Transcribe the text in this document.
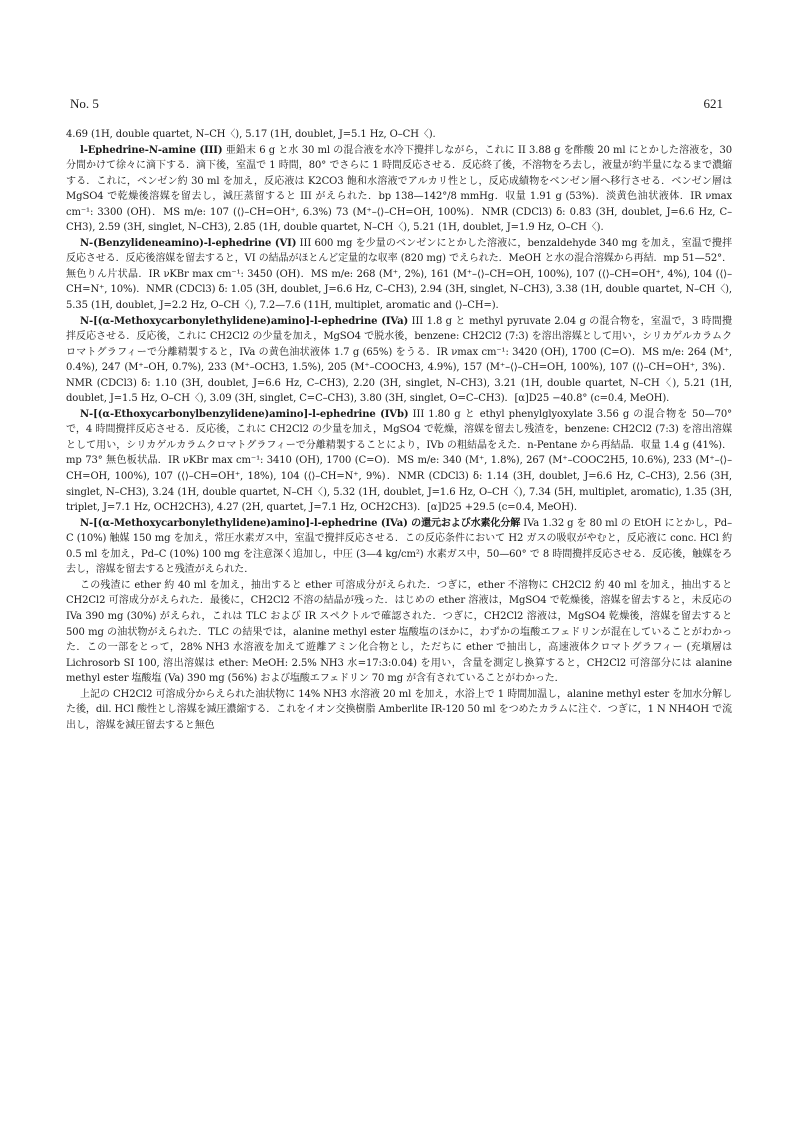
No. 5	621

4.69 (1H, double quartet, N–CH〈), 5.17 (1H, doublet, J=5.1 Hz, O–CH〈).

l-Ephedrine-N-amine (III) 亜鉛末 6 g と水 30 ml の混合液を水冷下攪拌しながら，これに II 3.88 g を酢酸 20 ml にとかした溶液を，30 分間かけて徐々に滴下する．滴下後，室温で 1 時間，80° でさらに 1 時間反応させる．反応終了後，不溶物をろ去し，液量が約半量になるまで濃縮する．これに，ベンゼン約 30 ml を加え，反応液は K2CO3 飽和水溶液でアルカリ性とし，反応成績物をベンゼン層へ移行させる．ベンゼン層は MgSO4 で乾燥後溶媒を留去し，減圧蒸留すると III がえられた．bp 138—142°/8 mmHg．収量 1.91 g (53%)．淡黄色油状液体．IR νmax cm⁻¹: 3300 (OH)．MS m/e: 107 (⟨⟩–CH=OH⁺, 6.3%) 73 (M⁺–⟨⟩–CH=OH, 100%)．NMR (CDCl3) δ: 0.83 (3H, doublet, J=6.6 Hz, C–CH3), 2.59 (3H, singlet, N–CH3), 2.85 (1H, double quartet, N–CH〈), 5.21 (1H, doublet, J=1.9 Hz, O–CH〈).

N-(Benzylideneamino)-l-ephedrine (VI) III 600 mg を少量のベンゼンにとかした溶液に，benzaldehyde 340 mg を加え，室温で攪拌反応させる．反応後溶媒を留去すると，VI の結晶がほとんど定量的な収率 (820 mg) でえられた．MeOH と水の混合溶媒から再結．mp 51—52°．無色りん片状晶．IR νKBr max cm⁻¹: 3450 (OH)．MS m/e: 268 (M⁺, 2%), 161 (M⁺–⟨⟩–CH=OH, 100%), 107 (⟨⟩–CH=OH⁺, 4%), 104 (⟨⟩–CH=N⁺, 10%)．NMR (CDCl3) δ: 1.05 (3H, doublet, J=6.6 Hz, C–CH3), 2.94 (3H, singlet, N–CH3), 3.38 (1H, double quartet, N–CH〈), 5.35 (1H, doublet, J=2.2 Hz, O–CH〈), 7.2—7.6 (11H, multiplet, aromatic and ⟨⟩–CH=).

N-[(α-Methoxycarbonylethylidene)amino]-l-ephedrine (IVa) III 1.8 g と methyl pyruvate 2.04 g の混合物を，室温で，3 時間攪拌反応させる．反応後，これに CH2Cl2 の少量を加え，MgSO4 で脱水後，benzene: CH2Cl2 (7:3) を溶出溶媒として用い，シリカゲルカラムクロマトグラフィーで分離精製すると，IVa の黄色油状液体 1.7 g (65%) をうる．IR νmax cm⁻¹: 3420 (OH), 1700 (C=O)．MS m/e: 264 (M⁺, 0.4%), 247 (M⁺–OH, 0.7%), 233 (M⁺–OCH3, 1.5%), 205 (M⁺–COOCH3, 4.9%), 157 (M⁺–⟨⟩–CH=OH, 100%), 107 (⟨⟩–CH=OH⁺, 3%)．NMR (CDCl3) δ: 1.10 (3H, doublet, J=6.6 Hz, C–CH3), 2.20 (3H, singlet, N–CH3), 3.21 (1H, double quartet, N–CH〈), 5.21 (1H, doublet, J=1.5 Hz, O–CH〈), 3.09 (3H, singlet, C=C–CH3), 3.80 (3H, singlet, O=C–CH3)．[α]D25 −40.8° (c=0.4, MeOH).

N-[(α-Ethoxycarbonylbenzylidene)amino]-l-ephedrine (IVb) III 1.80 g と ethyl phenylglyoxylate 3.56 g の混合物を 50—70° で，4 時間攪拌反応させる．反応後，これに CH2Cl2 の少量を加え，MgSO4 で乾燥，溶媒を留去し残渣を，benzene: CH2Cl2 (7:3) を溶出溶媒として用い，シリカゲルカラムクロマトグラフィーで分離精製することにより，IVb の粗結晶をえた．n-Pentane から再結晶．収量 1.4 g (41%)．mp 73° 無色板状晶．IR νKBr max cm⁻¹: 3410 (OH), 1700 (C=O)．MS m/e: 340 (M⁺, 1.8%), 267 (M⁺–COOC2H5, 10.6%), 233 (M⁺–⟨⟩–CH=OH, 100%), 107 (⟨⟩–CH=OH⁺, 18%), 104 (⟨⟩–CH=N⁺, 9%)．NMR (CDCl3) δ: 1.14 (3H, doublet, J=6.6 Hz, C–CH3), 2.56 (3H, singlet, N–CH3), 3.24 (1H, double quartet, N–CH〈), 5.32 (1H, doublet, J=1.6 Hz, O–CH〈), 7.34 (5H, multiplet, aromatic), 1.35 (3H, triplet, J=7.1 Hz, OCH2CH3), 4.27 (2H, quartet, J=7.1 Hz, OCH2CH3)．[α]D25 +29.5 (c=0.4, MeOH).

N-[(α-Methoxycarbonylethylidene)amino]-l-ephedrine (IVa) の還元および水素化分解 IVa 1.32 g を 80 ml の EtOH にとかし，Pd–C (10%) 触媒 150 mg を加え，常圧水素ガス中，室温で攪拌反応させる．この反応条件において H2 ガスの吸収がやむと，反応液に conc. HCl 約 0.5 ml を加え，Pd–C (10%) 100 mg を注意深く追加し，中圧 (3—4 kg/cm²) 水素ガス中，50—60° で 8 時間攪拌反応させる．反応後，触媒をろ去し，溶媒を留去すると残渣がえられた．

この残渣に ether 約 40 ml を加え，抽出すると ether 可溶成分がえられた．つぎに，ether 不溶物に CH2Cl2 約 40 ml を加え，抽出すると CH2Cl2 可溶成分がえられた．最後に，CH2Cl2 不溶の結晶が残った．はじめの ether 溶液は，MgSO4 で乾燥後，溶媒を留去すると，未反応の IVa 390 mg (30%) がえられ，これは TLC および IR スペクトルで確認された．つぎに，CH2Cl2 溶液は，MgSO4 乾燥後，溶媒を留去すると 500 mg の油状物がえられた．TLC の結果では，alanine methyl ester 塩酸塩のほかに，わずかの塩酸エフェドリンが混在していることがわかった．この一部をとって，28% NH3 水溶液を加えて遊離アミン化合物とし，ただちに ether で抽出し，高速液体クロマトグラフィー (充塡層は Lichrosorb SI 100, 溶出溶媒は ether: MeOH: 2.5% NH3 水=17:3:0.04) を用い，含量を測定し換算すると，CH2Cl2 可溶部分には alanine methyl ester 塩酸塩 (Va) 390 mg (56%) および塩酸エフェドリン 70 mg が含有されていることがわかった．

上記の CH2Cl2 可溶成分からえられた油状物に 14% NH3 水溶液 20 ml を加え，水浴上で 1 時間加温し，alanine methyl ester を加水分解した後，dil. HCl 酸性とし溶媒を減圧濃縮する．これをイオン交換樹脂 Amberlite IR-120 50 ml をつめたカラムに注ぐ．つぎに，1 N NH4OH で流出し，溶媒を減圧留去すると無色
